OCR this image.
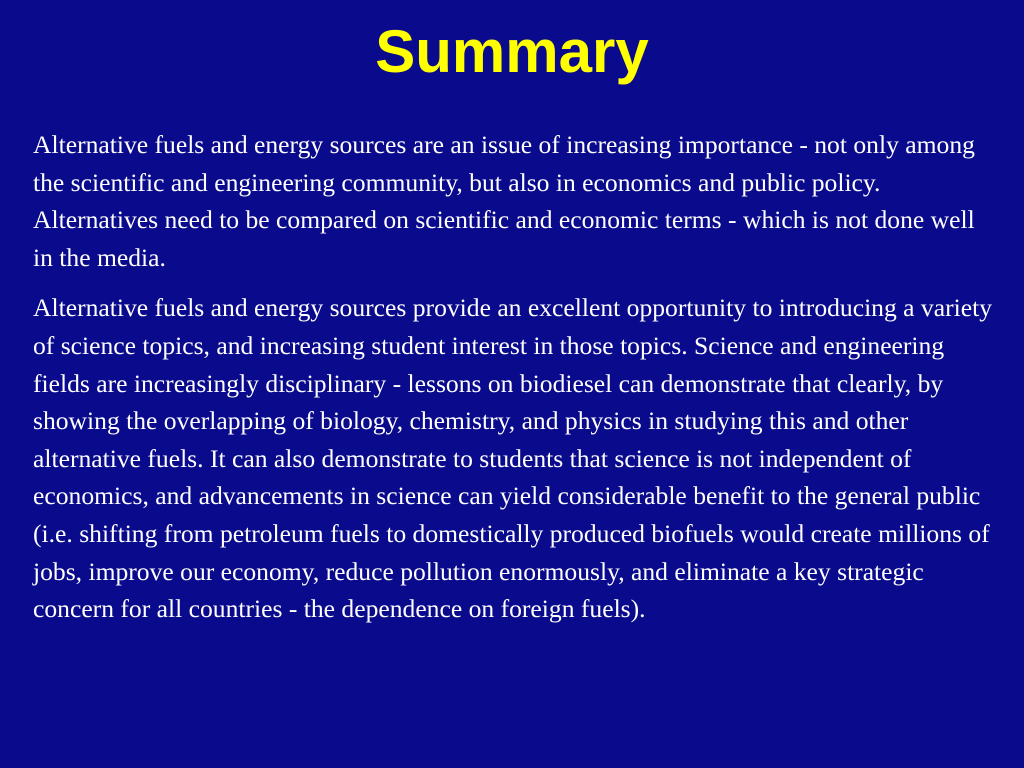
Summary

Alternative fuels and energy sources are an issue of increasing importance - not only among the scientific and engineering community, but also in economics and public policy. Alternatives need to be compared on scientific and economic terms - which is not done well in the media.

Alternative fuels and energy sources provide an excellent opportunity to introducing a variety of science topics, and increasing student interest in those topics. Science and engineering fields are increasingly disciplinary - lessons on biodiesel can demonstrate that clearly, by showing the overlapping of biology, chemistry, and physics in studying this and other alternative fuels. It can also demonstrate to students that science is not independent of economics, and advancements in science can yield considerable benefit to the general public (i.e. shifting from petroleum fuels to domestically produced biofuels would create millions of jobs, improve our economy, reduce pollution enormously, and eliminate a key strategic concern for all countries - the dependence on foreign fuels).
